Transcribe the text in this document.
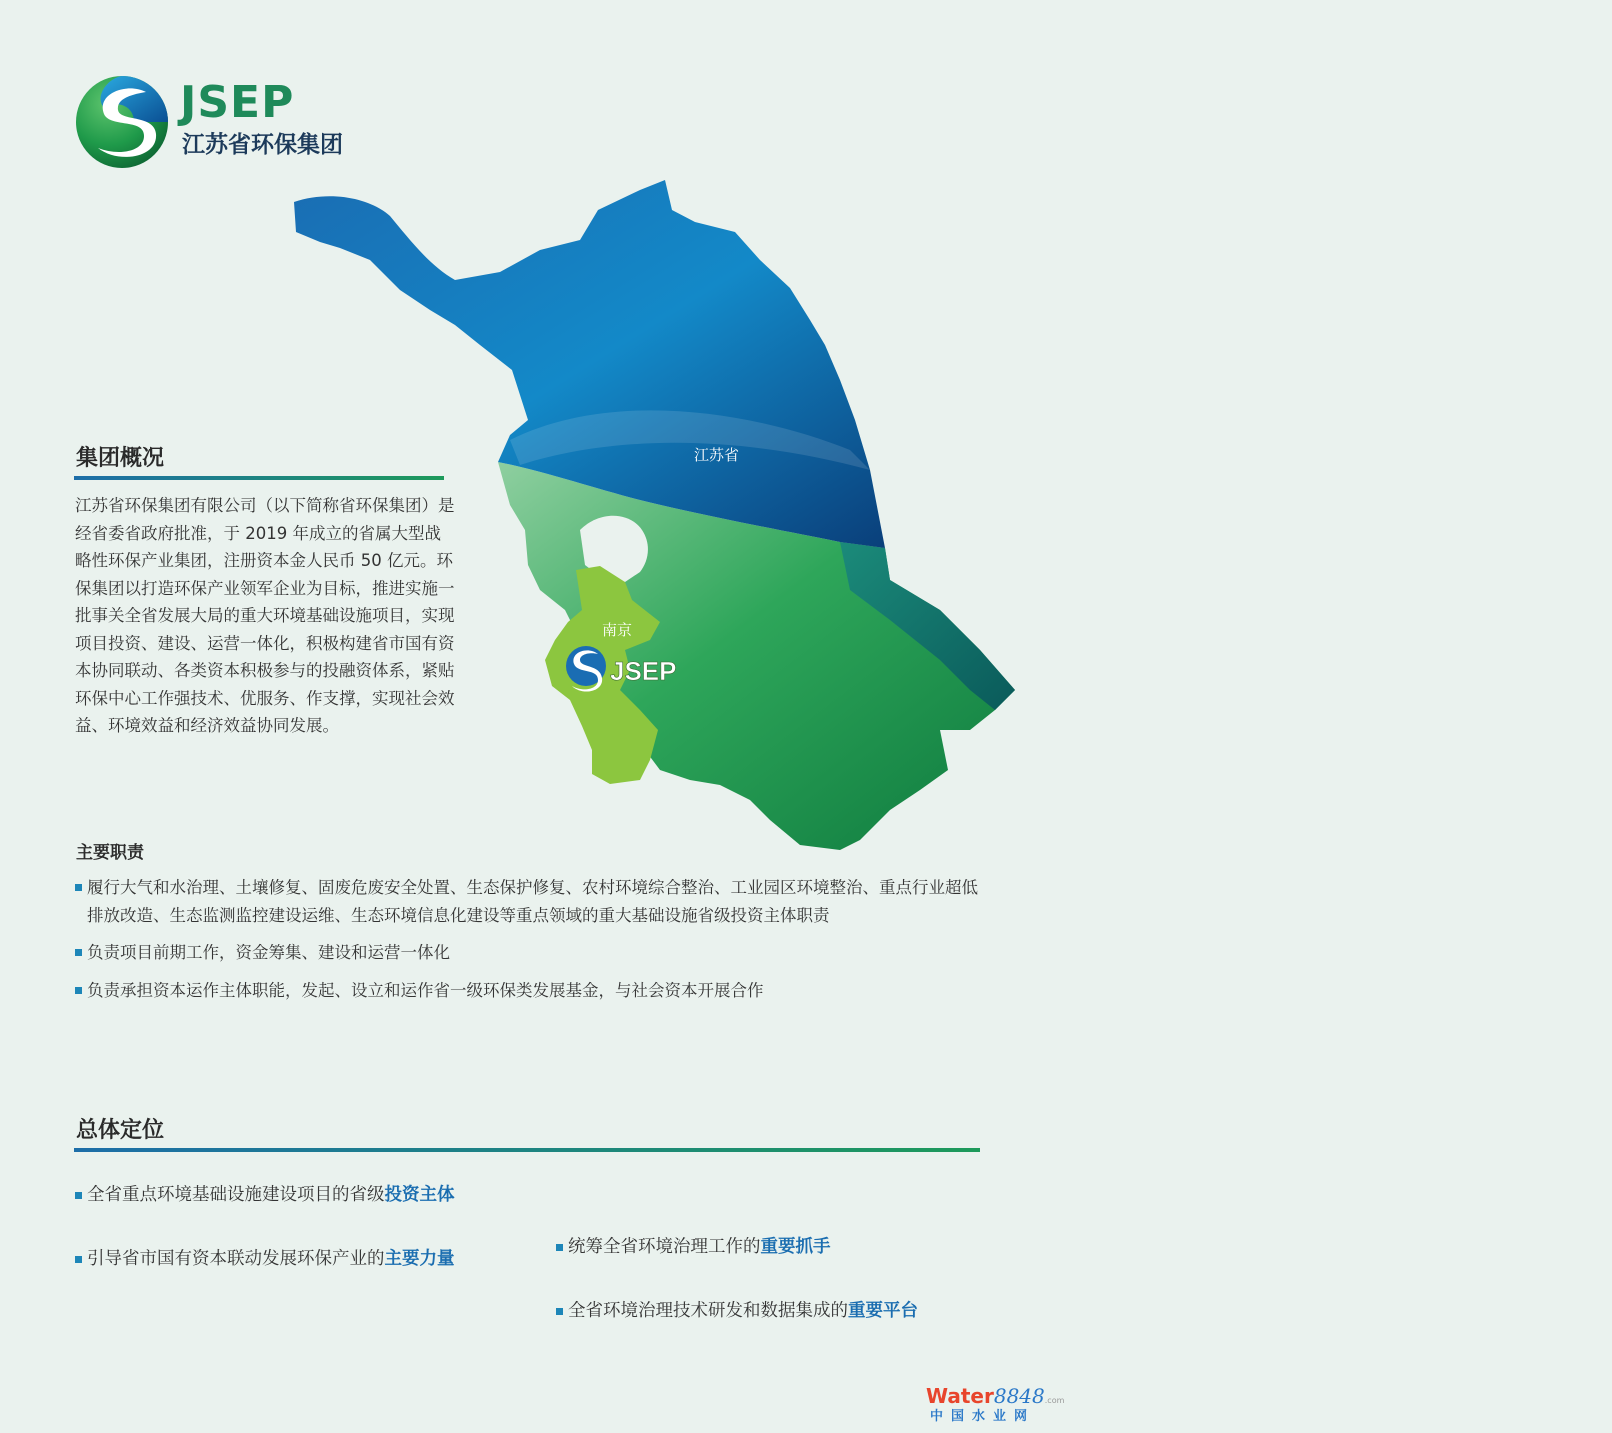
JSEP
江苏省环保集团
JSEP
江苏省
南京
集团概况
江苏省环保集团有限公司（以下简称省环保集团）是经省委省政府批准，于 2019 年成立的省属大型战略性环保产业集团，注册资本金人民币 50 亿元。环保集团以打造环保产业领军企业为目标，推进实施一批事关全省发展大局的重大环境基础设施项目，实现项目投资、建设、运营一体化，积极构建省市国有资本协同联动、各类资本积极参与的投融资体系，紧贴环保中心工作强技术、优服务、作支撑，实现社会效益、环境效益和经济效益协同发展。
主要职责
履行大气和水治理、土壤修复、固废危废安全处置、生态保护修复、农村环境综合整治、工业园区环境整治、重点行业超低排放改造、生态监测监控建设运维、生态环境信息化建设等重点领域的重大基础设施省级投资主体职责
负责项目前期工作，资金筹集、建设和运营一体化
负责承担资本运作主体职能，发起、设立和运作省一级环保类发展基金，与社会资本开展合作
总体定位
全省重点环境基础设施建设项目的省级投资主体
引导省市国有资本联动发展环保产业的主要力量
统筹全省环境治理工作的重要抓手
全省环境治理技术研发和数据集成的重要平台
Water8848.com
中国水业网
